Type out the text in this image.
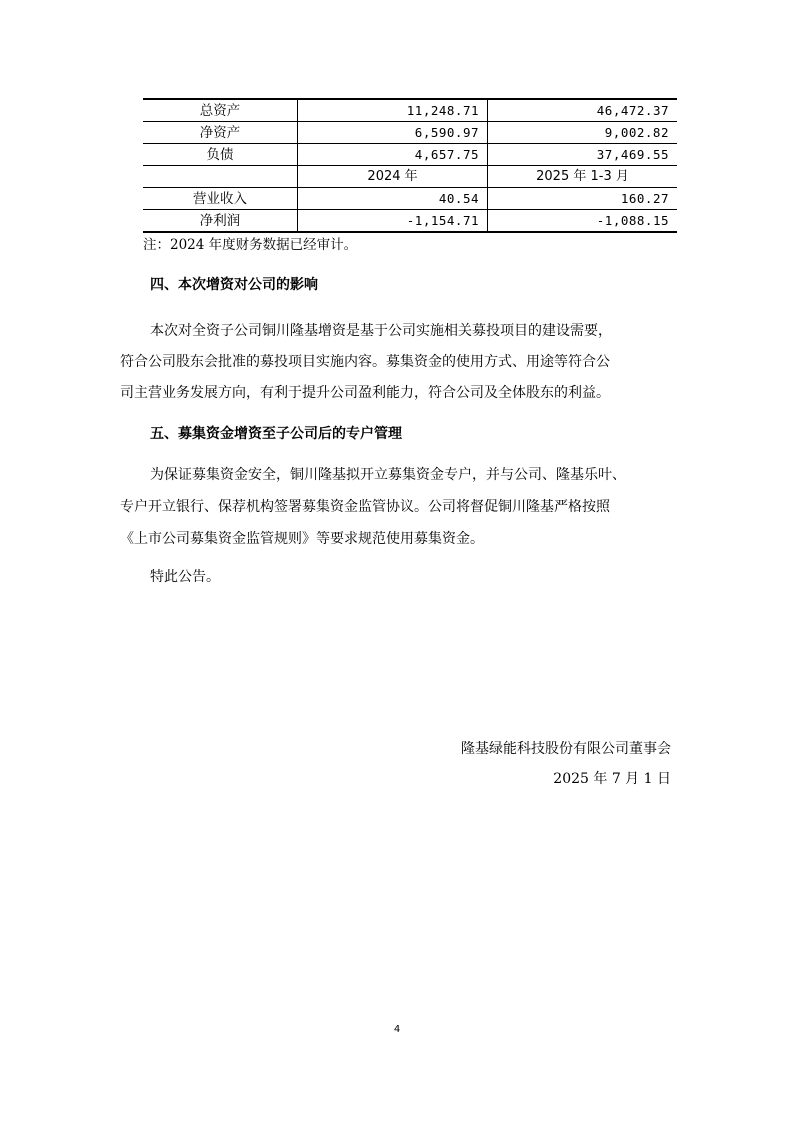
总资产	11,248.71	46,472.37
净资产	6,590.97	9,002.82
负债	4,657.75	37,469.55
	2024 年	2025 年 1-3 月
营业收入	40.54	160.27
净利润	-1,154.71	-1,088.15
注：2024 年度财务数据已经审计。
四、本次增资对公司的影响
本次对全资子公司铜川隆基增资是基于公司实施相关募投项目的建设需要，
符合公司股东会批准的募投项目实施内容。募集资金的使用方式、用途等符合公
司主营业务发展方向，有利于提升公司盈利能力，符合公司及全体股东的利益。
五、募集资金增资至子公司后的专户管理
为保证募集资金安全，铜川隆基拟开立募集资金专户，并与公司、隆基乐叶、
专户开立银行、保荐机构签署募集资金监管协议。公司将督促铜川隆基严格按照
《上市公司募集资金监管规则》等要求规范使用募集资金。
特此公告。
隆基绿能科技股份有限公司董事会
2025 年 7 月 1 日
4
